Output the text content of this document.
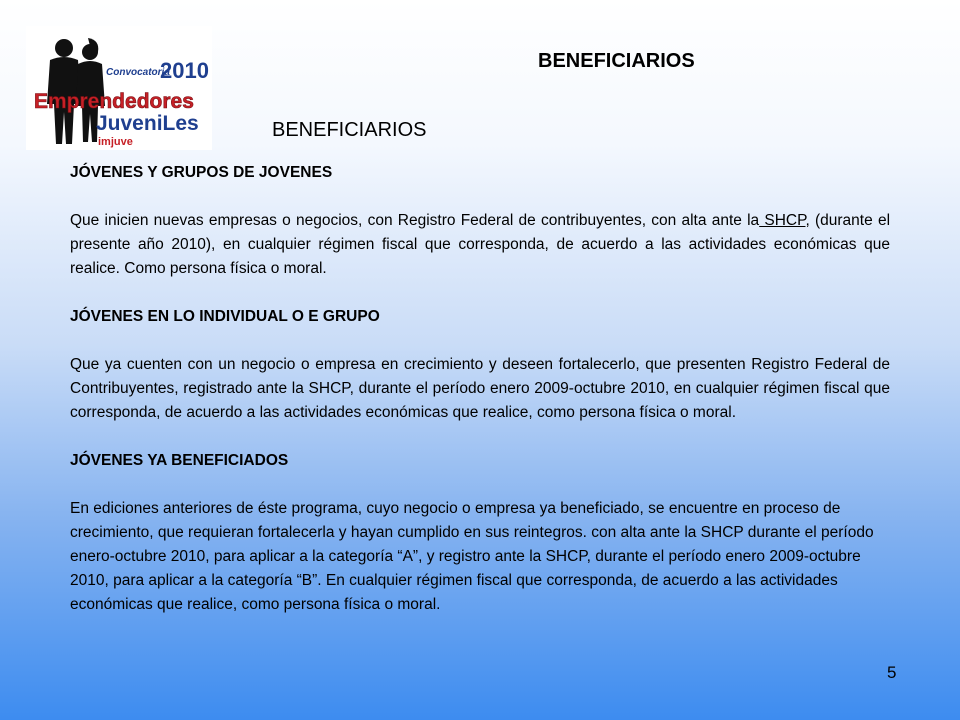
Convocatoria
2010
Emprendedores
JuveniLes
imjuve
BENEFICIARIOS
BENEFICIARIOS
JÓVENES Y GRUPOS DE JOVENES

Que inicien nuevas empresas o negocios, con Registro Federal de contribuyentes, con alta ante la SHCP, (durante el presente año 2010), en cualquier régimen fiscal que corresponda, de acuerdo a las actividades económicas que realice. Como persona física o moral.

JÓVENES EN LO INDIVIDUAL O E GRUPO

Que ya cuenten con un negocio o empresa en crecimiento y deseen fortalecerlo, que presenten Registro Federal de Contribuyentes, registrado ante la SHCP, durante el período enero 2009-octubre 2010, en cualquier régimen fiscal que corresponda, de acuerdo a las actividades económicas que realice, como persona física o moral.

JÓVENES YA BENEFICIADOS

En ediciones anteriores de éste programa, cuyo negocio o empresa ya beneficiado, se encuentre en proceso de crecimiento, que requieran fortalecerla y hayan cumplido en sus reintegros. con alta ante la SHCP durante el período enero-octubre 2010, para aplicar a la categoría “A”, y registro ante la SHCP, durante el período enero 2009-octubre 2010, para aplicar a la categoría “B”. En cualquier régimen fiscal que corresponda, de acuerdo a las actividades económicas que realice, como persona física o moral.

5
